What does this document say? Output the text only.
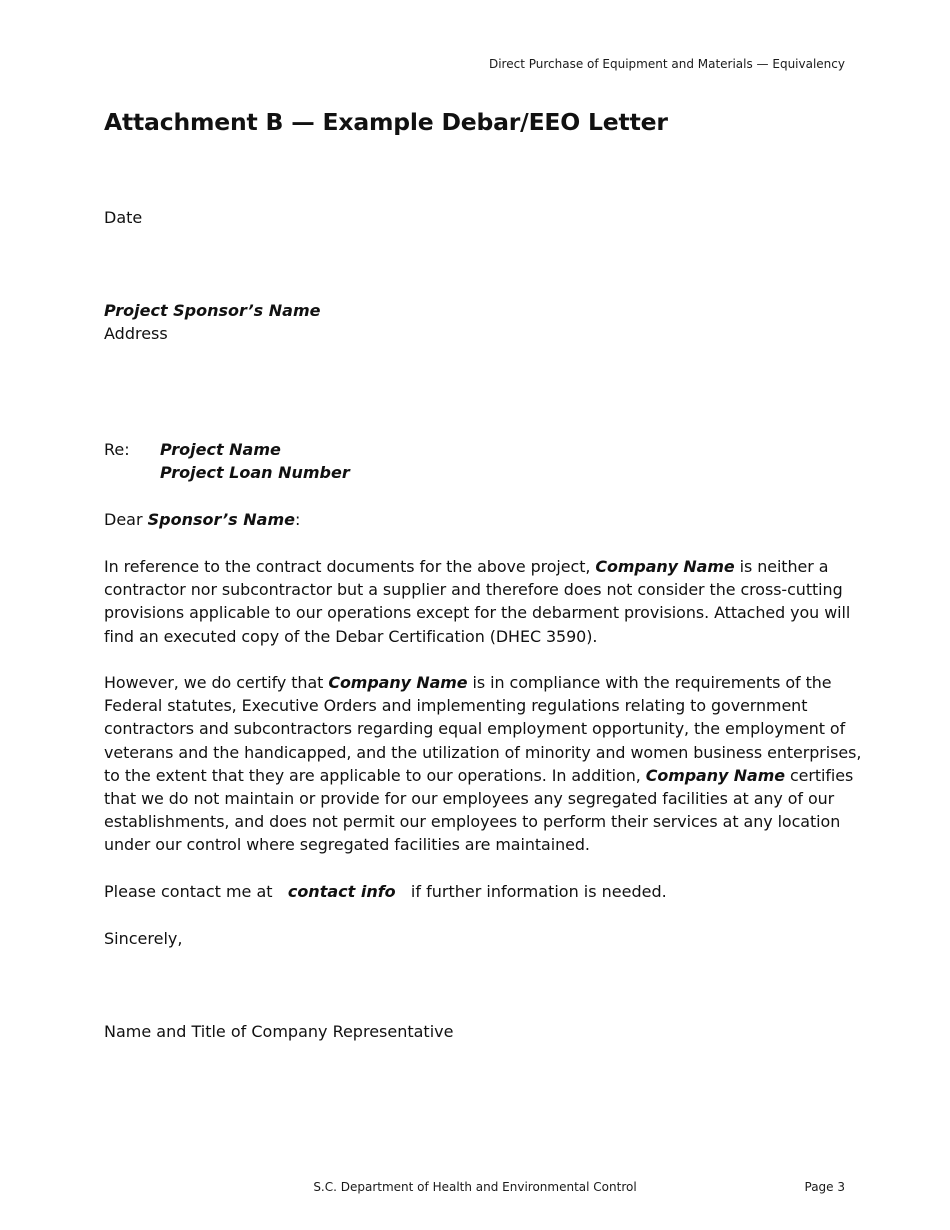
Direct Purchase of Equipment and Materials — Equivalency
Attachment B — Example Debar/EEO Letter
Date
Project Sponsor’s Name
Address
Re: Project Name
Project Loan Number
Dear Sponsor’s Name:
In reference to the contract documents for the above project, Company Name is neither a contractor nor subcontractor but a supplier and therefore does not consider the cross-cutting provisions applicable to our operations except for the debarment provisions. Attached you will find an executed copy of the Debar Certification (DHEC 3590).
However, we do certify that Company Name is in compliance with the requirements of the Federal statutes, Executive Orders and implementing regulations relating to government contractors and subcontractors regarding equal employment opportunity, the employment of veterans and the handicapped, and the utilization of minority and women business enterprises, to the extent that they are applicable to our operations. In addition, Company Name certifies that we do not maintain or provide for our employees any segregated facilities at any of our establishments, and does not permit our employees to perform their services at any location under our control where segregated facilities are maintained.
Please contact me at   contact info   if further information is needed.
Sincerely,
Name and Title of Company Representative
S.C. Department of Health and Environmental Control	Page 3
